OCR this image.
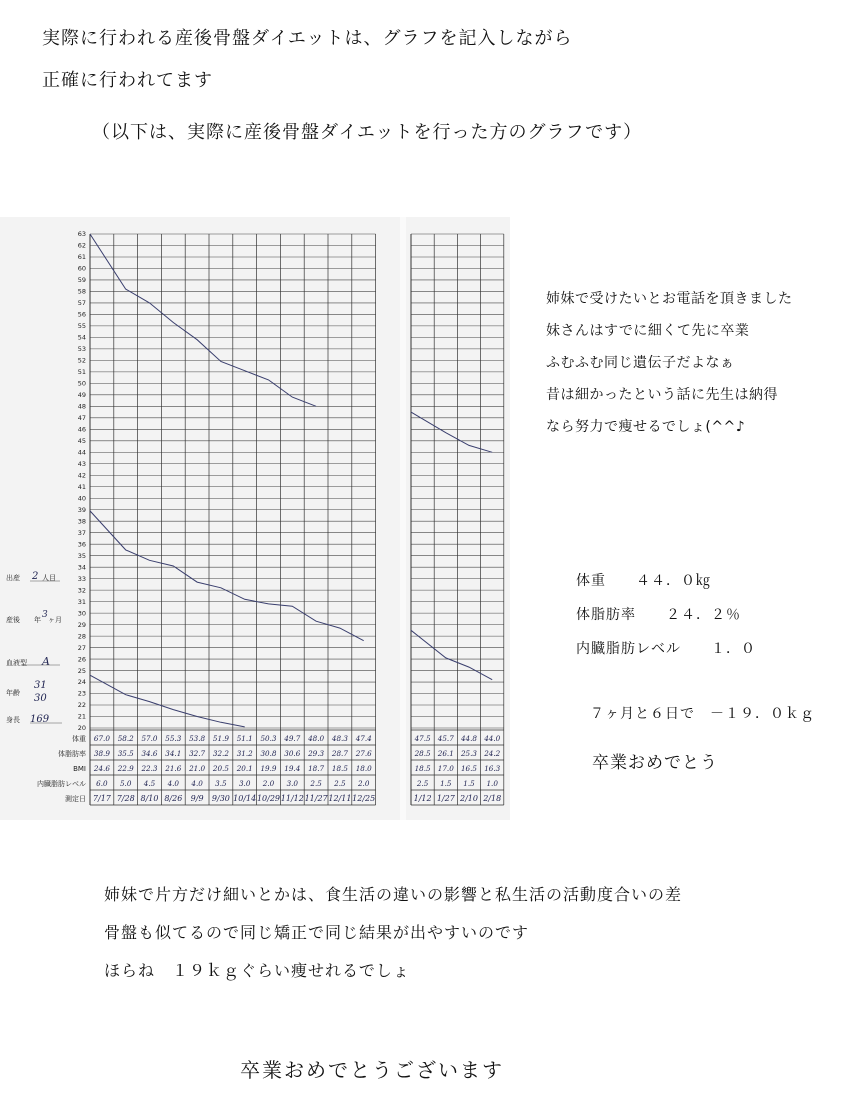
実際に行われる産後骨盤ダイエットは、グラフを記入しながら
正確に行われてます
（以下は、実際に産後骨盤ダイエットを行った方のグラフです）
20
21
22
23
24
25
26
27
28
29
30
31
32
33
34
35
36
37
38
39
40
41
42
43
44
45
46
47
48
49
50
51
52
53
54
55
56
57
58
59
60
61
62
63
体重 67.0 58.2 57.0 55.3 53.8 51.9 51.1 50.3 49.7 48.0 48.3 47.4	47.5 45.7 44.8 44.0
体脂肪率 38.9 35.5 34.6 34.1 32.7 32.2 31.2 30.8 30.6 29.3 28.7 27.6	28.5 26.1 25.3 24.2
BMI 24.6 22.9 22.3 21.6 21.0 20.5 20.1 19.9 19.4 18.7 18.5 18.0	18.5 17.0 16.5 16.3
内臓脂肪レベル 6.0 5.0 4.5 4.0 4.0 3.5 3.0 2.0 3.0 2.5 2.5 2.0	2.5 1.5 1.5 1.0
測定日 7/17 7/28 8/10 8/26 9/9 9/30 10/14 10/29 11/12 11/27 12/11 12/25	1/12 1/27 2/10 2/18
出産 2 人目
産後 年 3 ヶ月
血液型 A
年齢
31
30
身長 169
姉妹で受けたいとお電話を頂きました
妹さんはすでに細くて先に卒業
ふむふむ同じ遺伝子だよなぁ
昔は細かったという話に先生は納得
なら努力で痩せるでしょ(^^♪
体重　　４４．０㎏
体脂肪率　　２４．２％
内臓脂肪レベル　　１．０
７ヶ月と６日で　－１９．０ｋｇ
卒業おめでとう
姉妹で片方だけ細いとかは、食生活の違いの影響と私生活の活動度合いの差
骨盤も似てるので同じ矯正で同じ結果が出やすいのです
ほらね　１９ｋｇぐらい痩せれるでしょ
卒業おめでとうございます
